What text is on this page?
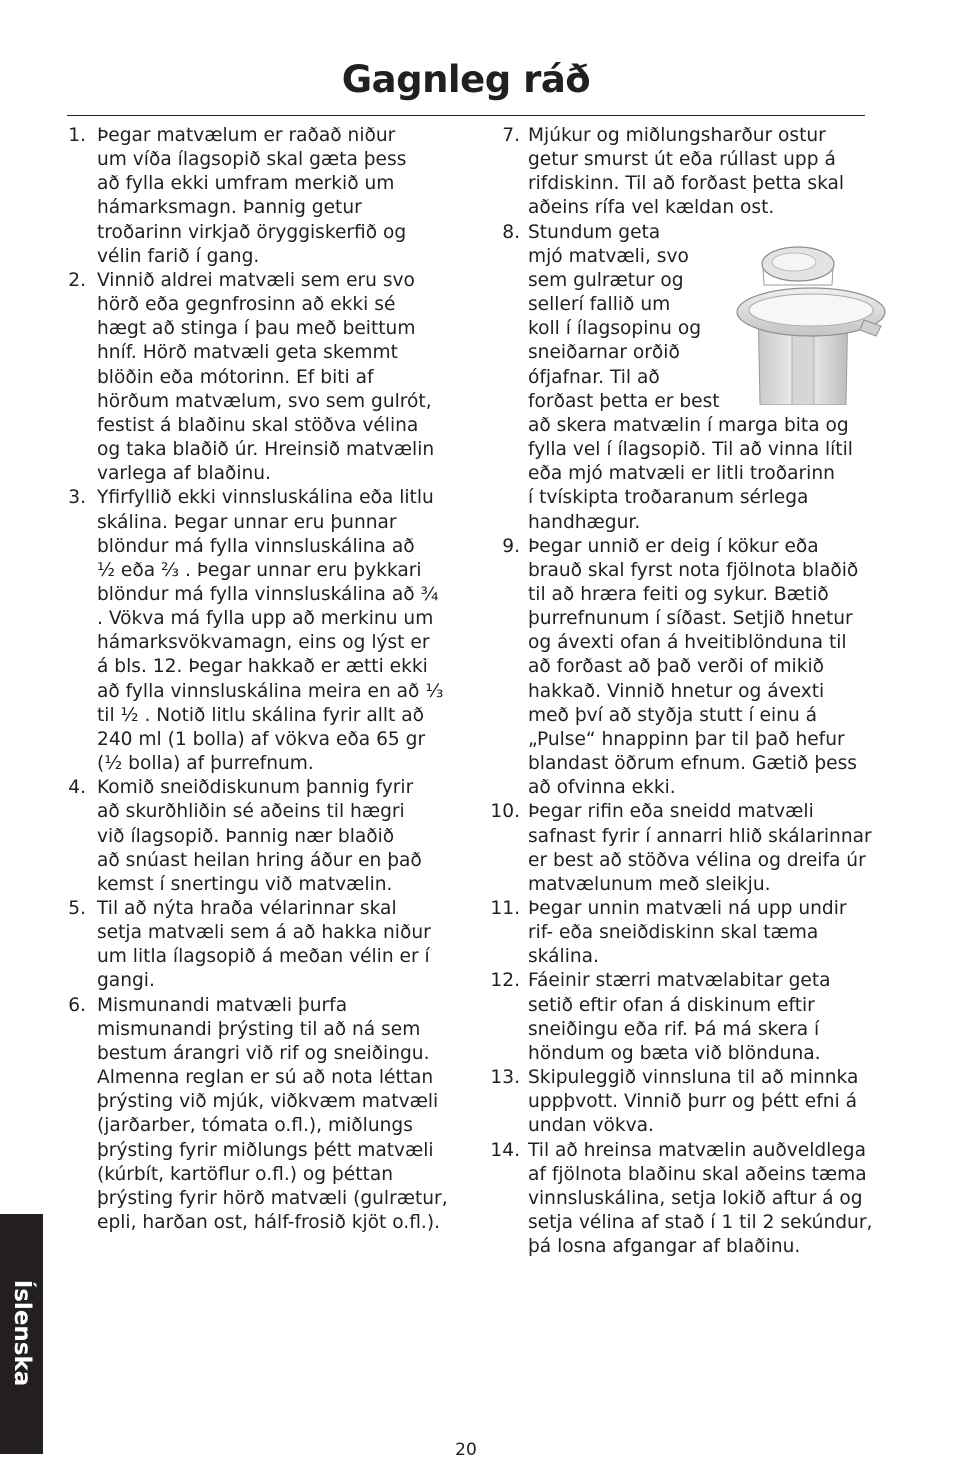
Gagnleg ráð
1. Þegar matvælum er raðað niður
um víða ílagsopið skal gæta þess
að fylla ekki umfram merkið um
hámarksmagn. Þannig getur
troðarinn virkjað öryggiskerfið og
vélin farið í gang.
2. Vinnið aldrei matvæli sem eru svo
hörð eða gegnfrosinn að ekki sé
hægt að stinga í þau með beittum
hníf. Hörð matvæli geta skemmt
blöðin eða mótorinn. Ef biti af
hörðum matvælum, svo sem gulrót,
festist á blaðinu skal stöðva vélina
og taka blaðið úr. Hreinsið matvælin
varlega af blaðinu.
3. Yfirfyllið ekki vinnsluskálina eða litlu
skálina. Þegar unnar eru þunnar
blöndur má fylla vinnsluskálina að
½ eða ⅔ . Þegar unnar eru þykkari
blöndur má fylla vinnsluskálina að ¾
. Vökva má fylla upp að merkinu um
hámarksvökvamagn, eins og lýst er
á bls. 12. Þegar hakkað er ætti ekki
að fylla vinnsluskálina meira en að ⅓
til ½ . Notið litlu skálina fyrir allt að
240 ml (1 bolla) af vökva eða 65 gr
(½ bolla) af þurrefnum.
4. Komið sneiðdiskunum þannig fyrir
að skurðhliðin sé aðeins til hægri
við ílagsopið. Þannig nær blaðið
að snúast heilan hring áður en það
kemst í snertingu við matvælin.
5. Til að nýta hraða vélarinnar skal
setja matvæli sem á að hakka niður
um litla ílagsopið á meðan vélin er í
gangi.
6. Mismunandi matvæli þurfa
mismunandi þrýsting til að ná sem
bestum árangri við rif og sneiðingu.
Almenna reglan er sú að nota léttan
þrýsting við mjúk, viðkvæm matvæli
(jarðarber, tómata o.fl.), miðlungs
þrýsting fyrir miðlungs þétt matvæli
(kúrbít, kartöflur o.fl.) og þéttan
þrýsting fyrir hörð matvæli (gulrætur,
epli, harðan ost, hálf-frosið kjöt o.fl.).
7. Mjúkur og miðlungsharður ostur
getur smurst út eða rúllast upp á
rifdiskinn. Til að forðast þetta skal
aðeins rífa vel kældan ost.
8. Stundum geta
mjó matvæli, svo
sem gulrætur og
sellerí fallið um
koll í ílagsopinu og
sneiðarnar orðið
ófjafnar. Til að
forðast þetta er best
að skera matvælin í marga bita og
fylla vel í ílagsopið. Til að vinna lítil
eða mjó matvæli er litli troðarinn
í tvískipta troðaranum sérlega
handhægur.
9. Þegar unnið er deig í kökur eða
brauð skal fyrst nota fjölnota blaðið
til að hræra feiti og sykur. Bætið
þurrefnunum í síðast. Setjið hnetur
og ávexti ofan á hveitiblönduna til
að forðast að það verði of mikið
hakkað. Vinnið hnetur og ávexti
með því að styðja stutt í einu á
„Pulse“ hnappinn þar til það hefur
blandast öðrum efnum. Gætið þess
að ofvinna ekki.
10. Þegar rifin eða sneidd matvæli
safnast fyrir í annarri hlið skálarinnar
er best að stöðva vélina og dreifa úr
matvælunum með sleikju.
11. Þegar unnin matvæli ná upp undir
rif- eða sneiðdiskinn skal tæma
skálina.
12. Fáeinir stærri matvælabitar geta
setið eftir ofan á diskinum eftir
sneiðingu eða rif. Þá má skera í
höndum og bæta við blönduna.
13. Skipuleggið vinnsluna til að minnka
uppþvott. Vinnið þurr og þétt efni á
undan vökva.
14. Til að hreinsa matvælin auðveldlega
af fjölnota blaðinu skal aðeins tæma
vinnsluskálina, setja lokið aftur á og
setja vélina af stað í 1 til 2 sekúndur,
þá losna afgangar af blaðinu.
Íslenska
20
